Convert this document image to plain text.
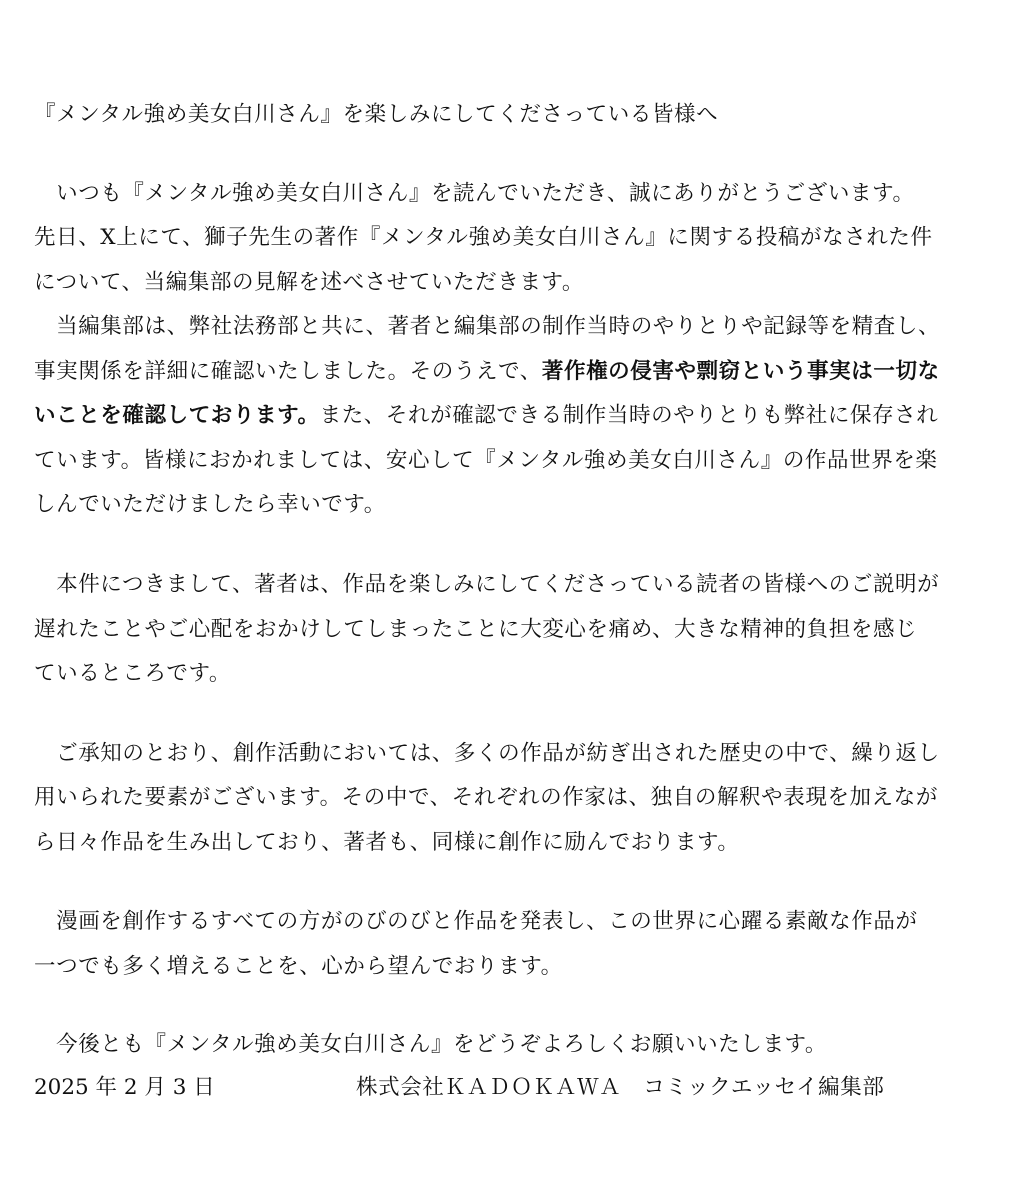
『メンタル強め美女白川さん』を楽しみにしてくださっている皆様へ
　いつも『メンタル強め美女白川さん』を読んでいただき、誠にありがとうございます。
先日、X上にて、獅子先生の著作『メンタル強め美女白川さん』に関する投稿がなされた件
について、当編集部の見解を述べさせていただきます。
　当編集部は、弊社法務部と共に、著者と編集部の制作当時のやりとりや記録等を精査し、
事実関係を詳細に確認いたしました。そのうえで、著作権の侵害や剽窃という事実は一切な
いことを確認しております。また、それが確認できる制作当時のやりとりも弊社に保存され
ています。皆様におかれましては、安心して『メンタル強め美女白川さん』の作品世界を楽
しんでいただけましたら幸いです。
　本件につきまして、著者は、作品を楽しみにしてくださっている読者の皆様へのご説明が
遅れたことやご心配をおかけしてしまったことに大変心を痛め、大きな精神的負担を感じ
ているところです。
　ご承知のとおり、創作活動においては、多くの作品が紡ぎ出された歴史の中で、繰り返し
用いられた要素がございます。その中で、それぞれの作家は、独自の解釈や表現を加えなが
ら日々作品を生み出しており、著者も、同様に創作に励んでおります。
　漫画を創作するすべての方がのびのびと作品を発表し、この世界に心躍る素敵な作品が
一つでも多く増えることを、心から望んでおります。
　今後とも『メンタル強め美女白川さん』をどうぞよろしくお願いいたします。
2025 年 2 月 3 日	株式会社ＫＡＤＯＫＡＷＡ　コミックエッセイ編集部
